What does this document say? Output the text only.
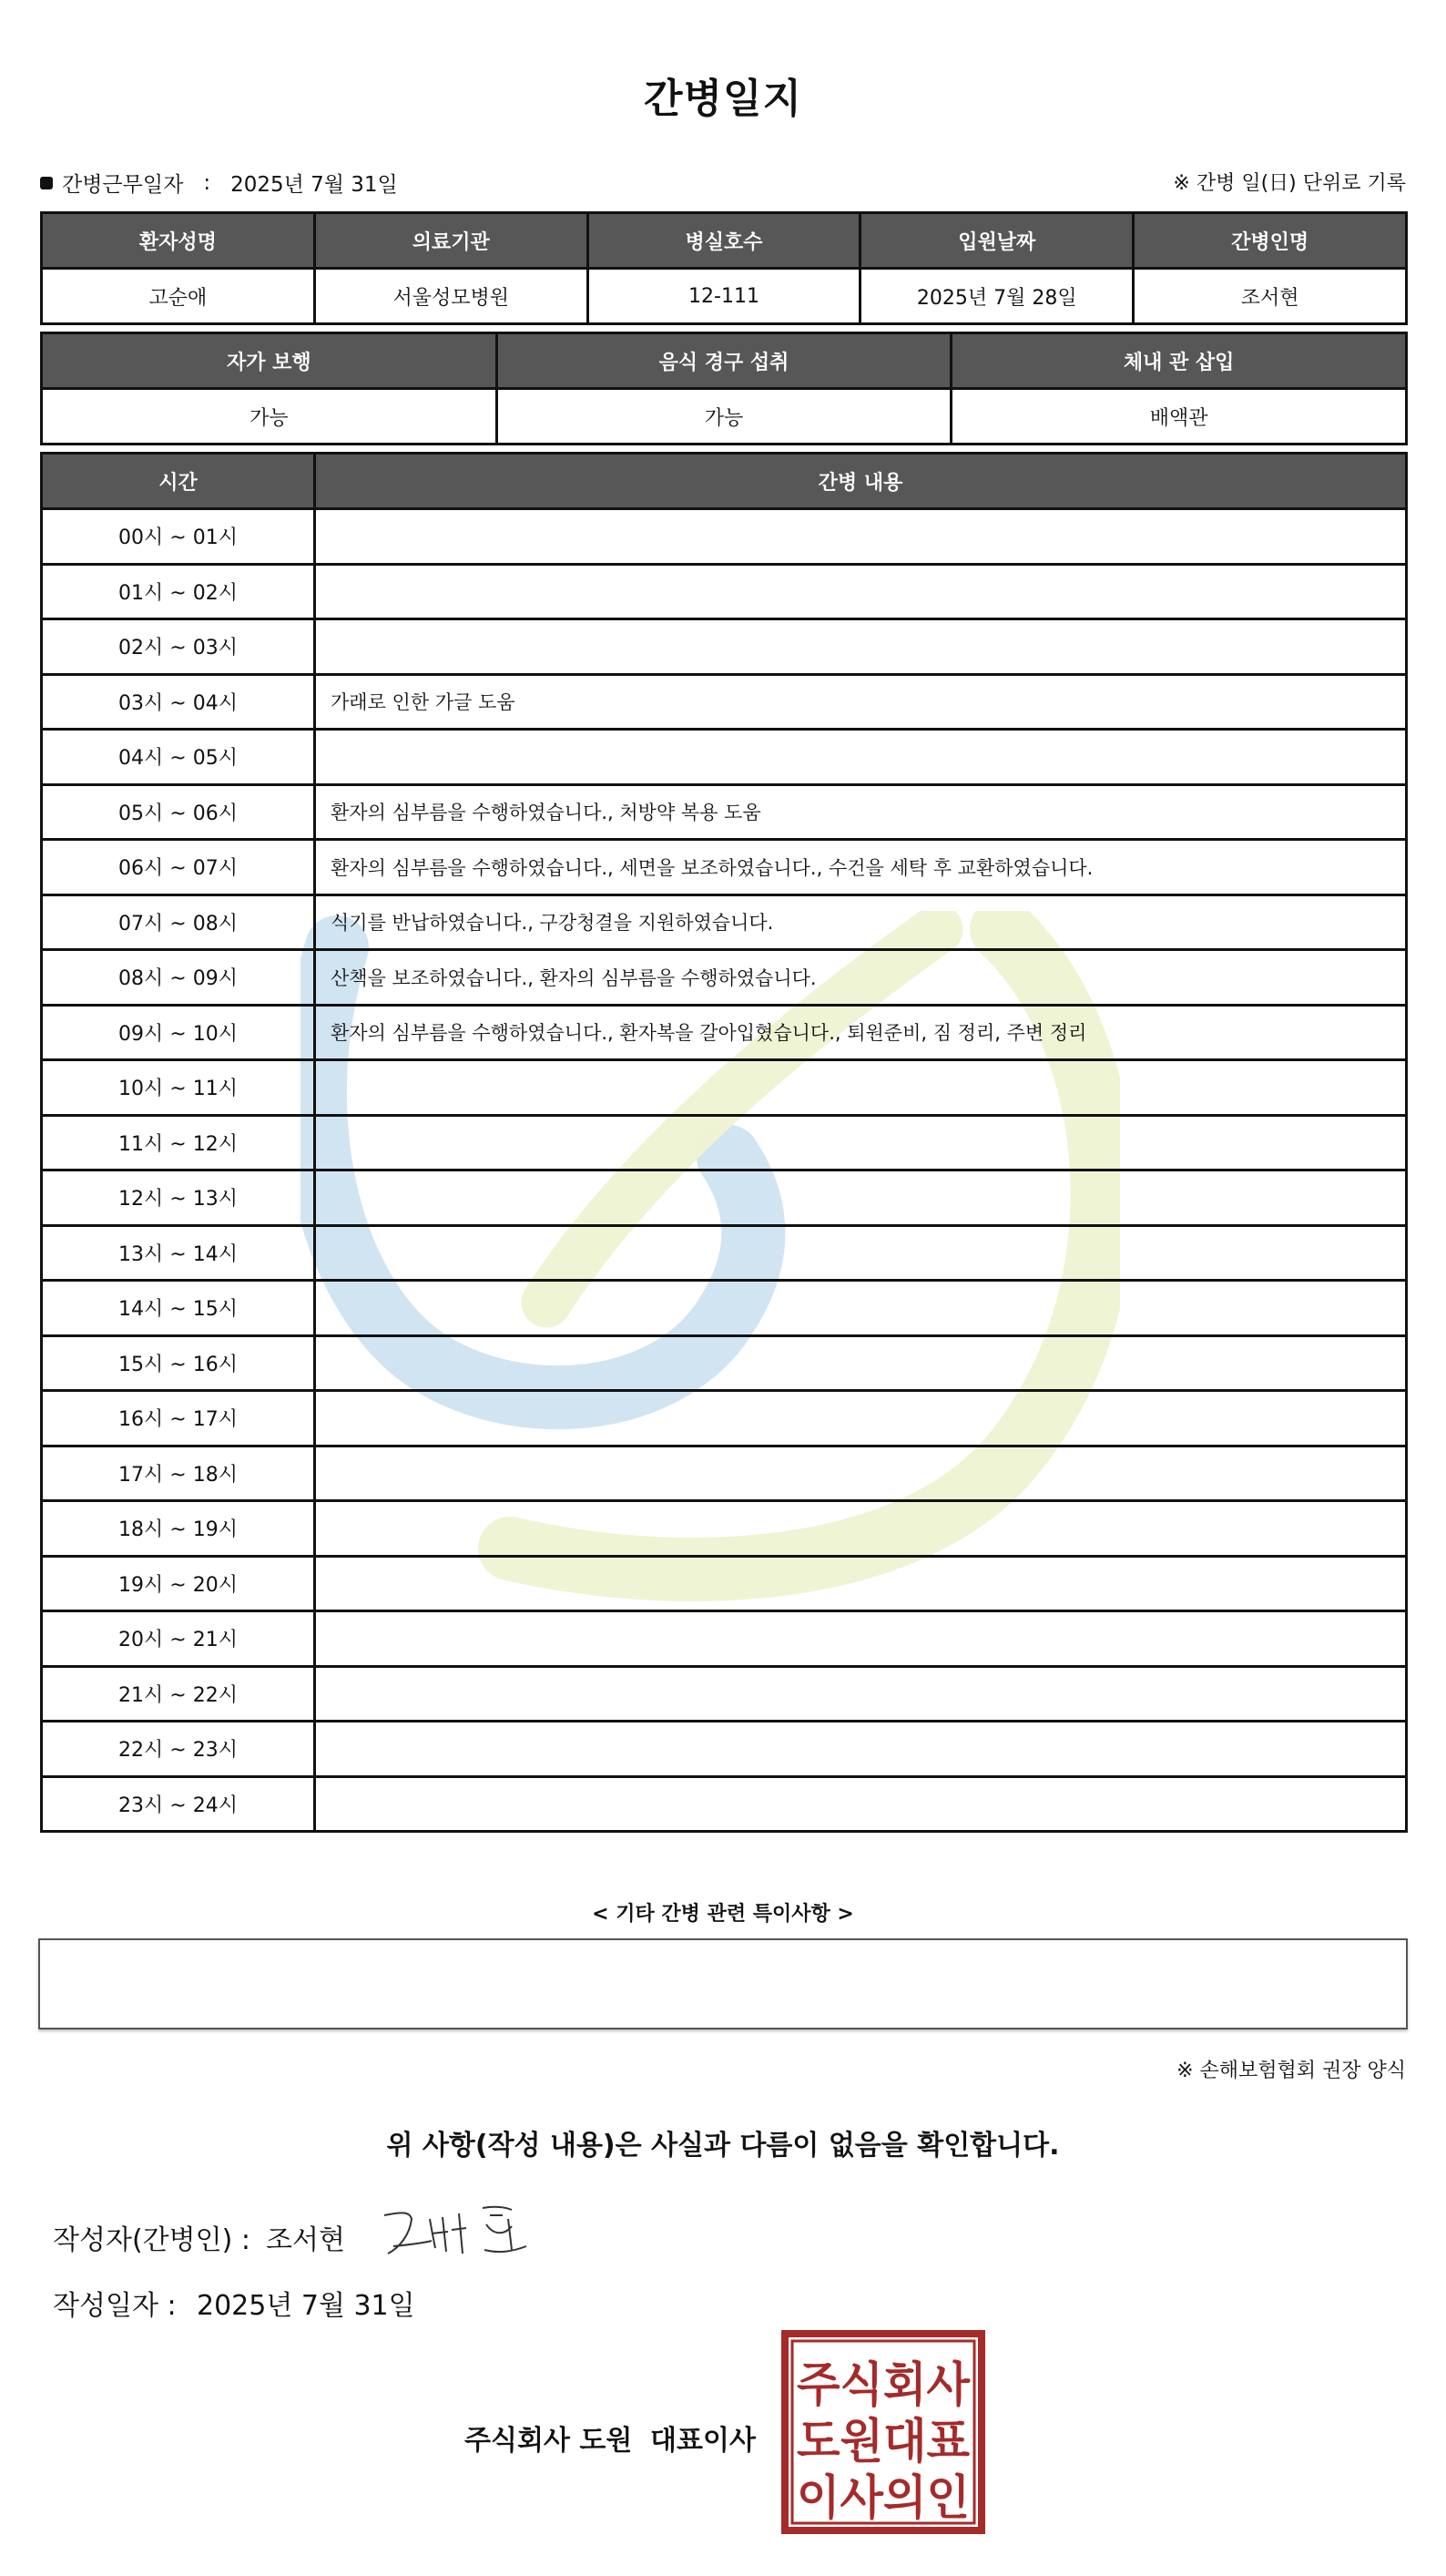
간병일지
간병근무일자 : 2025년 7월 31일	※ 간병 일(日) 단위로 기록
환자성명	의료기관	병실호수	입원날짜	간병인명
고순애	서울성모병원	12-111	2025년 7월 28일	조서현
자가 보행	음식 경구 섭취	체내 관 삽입
가능	가능	배액관
시간	간병 내용
00시 ~ 01시	
01시 ~ 02시	
02시 ~ 03시	
03시 ~ 04시	가래로 인한 가글 도움
04시 ~ 05시	
05시 ~ 06시	환자의 심부름을 수행하였습니다., 처방약 복용 도움
06시 ~ 07시	환자의 심부름을 수행하였습니다., 세면을 보조하였습니다., 수건을 세탁 후 교환하였습니다.
07시 ~ 08시	식기를 반납하였습니다., 구강청결을 지원하였습니다.
08시 ~ 09시	산책을 보조하였습니다., 환자의 심부름을 수행하였습니다.
09시 ~ 10시	환자의 심부름을 수행하였습니다., 환자복을 갈아입혔습니다., 퇴원준비, 짐 정리, 주변 정리
10시 ~ 11시	
11시 ~ 12시	
12시 ~ 13시	
13시 ~ 14시	
14시 ~ 15시	
15시 ~ 16시	
16시 ~ 17시	
17시 ~ 18시	
18시 ~ 19시	
19시 ~ 20시	
20시 ~ 21시	
21시 ~ 22시	
22시 ~ 23시	
23시 ~ 24시	
< 기타 간병 관련 특이사항 >
※ 손해보험협회 권장 양식
위 사항(작성 내용)은 사실과 다름이 없음을 확인합니다.
작성자(간병인) : 조서현
작성일자 : 2025년 7월 31일
주식회사 도원 대표이사
주식회사
도원대표
이사의인
